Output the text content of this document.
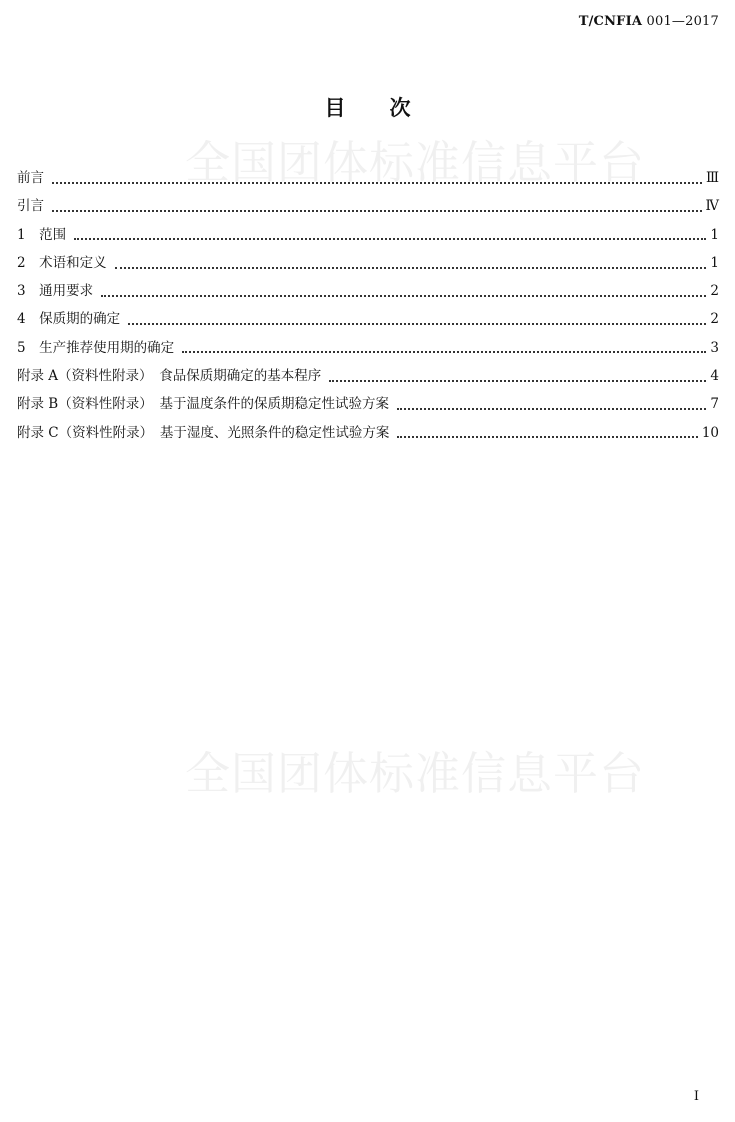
T/CNFIA 001—2017
全国团体标准信息平台
全国团体标准信息平台
目次
前言	Ⅲ
引言	Ⅳ
1　范围	1
2　术语和定义	1
3　通用要求	2
4　保质期的确定	2
5　生产推荐使用期的确定	3
附录 A（资料性附录）　食品保质期确定的基本程序	4
附录 B（资料性附录）　基于温度条件的保质期稳定性试验方案	7
附录 C（资料性附录）　基于湿度、光照条件的稳定性试验方案	10
I
